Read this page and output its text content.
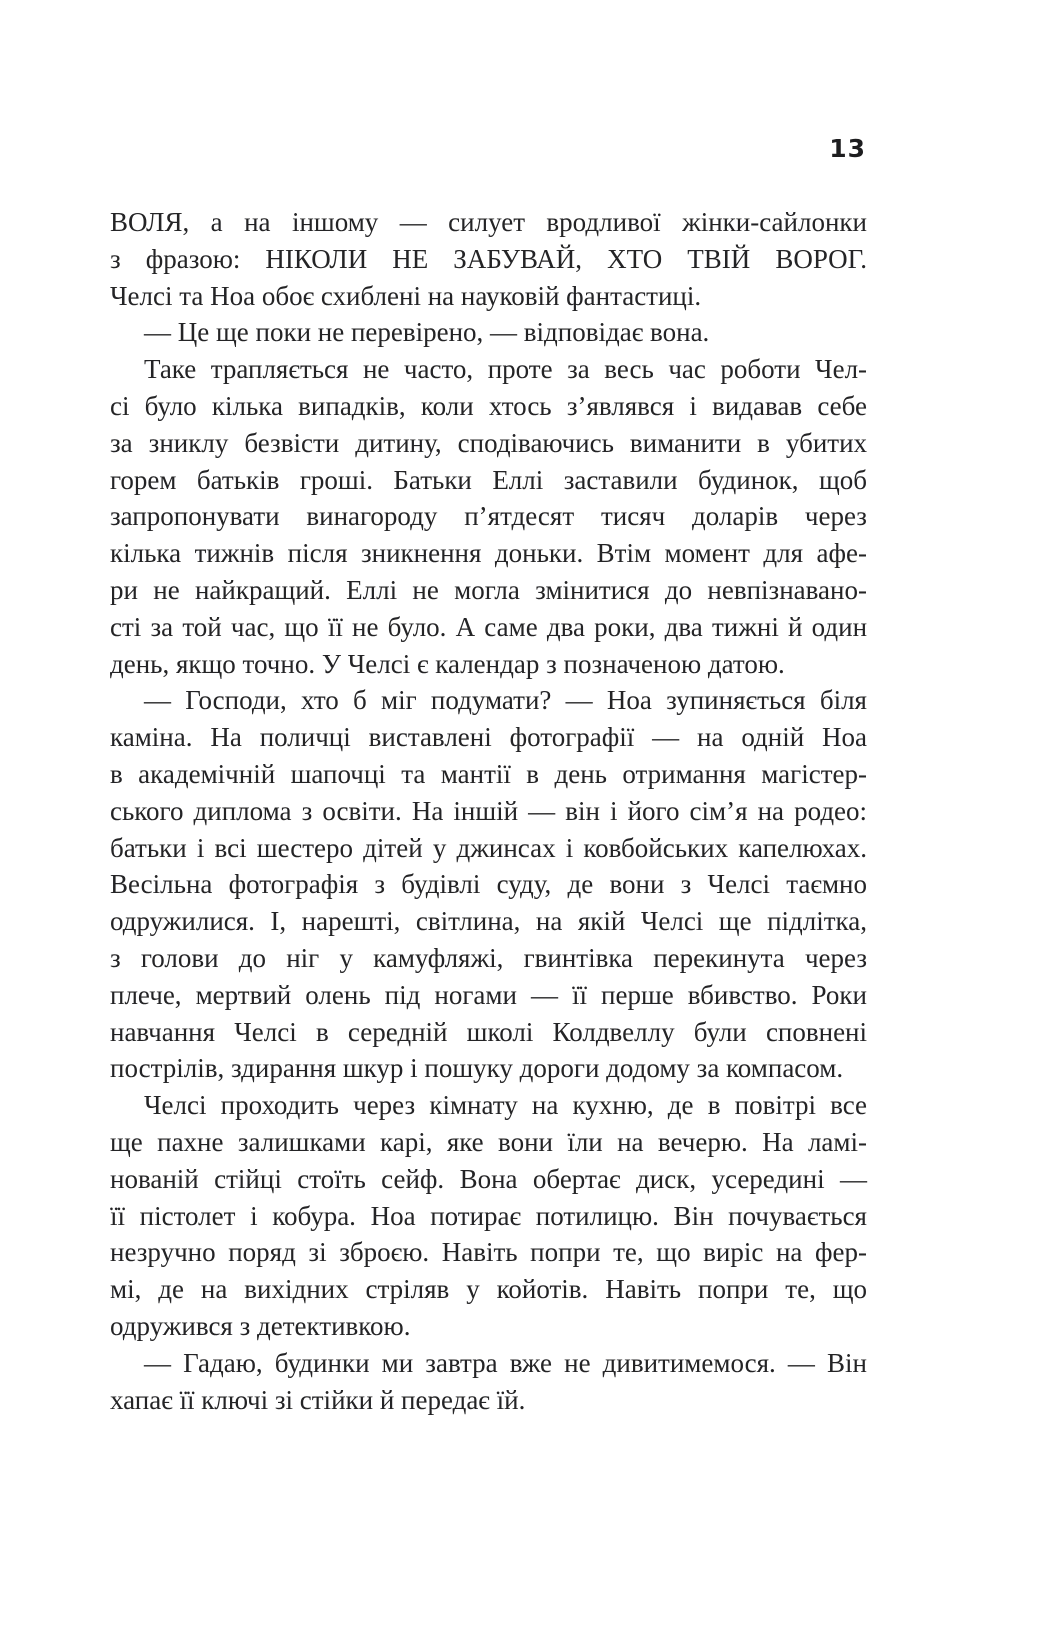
13
ВОЛЯ, а на іншому — силует вродливої жінки-сайлонки
з фразою: НІКОЛИ НЕ ЗАБУВАЙ, ХТО ТВІЙ ВОРОГ.
Челсі та Ноа обоє схиблені на науковій фантастиці.
— Це ще поки не перевірено, — відповідає вона.
Таке трапляється не часто, проте за весь час роботи Чел-
сі було кілька випадків, коли хтось з’являвся і видавав себе
за зниклу безвісти дитину, сподіваючись виманити в убитих
горем батьків гроші. Батьки Еллі заставили будинок, щоб
запропонувати винагороду п’ятдесят тисяч доларів через
кілька тижнів після зникнення доньки. Втім момент для афе-
ри не найкращий. Еллі не могла змінитися до невпізнавано-
сті за той час, що її не було. А саме два роки, два тижні й один
день, якщо точно. У Челсі є календар з позначеною датою.
— Господи, хто б міг подумати? — Ноа зупиняється біля
каміна. На поличці виставлені фотографії — на одній Ноа
в академічній шапочці та мантії в день отримання магістер-
ського диплома з освіти. На іншій — він і його сім’я на родео:
батьки і всі шестеро дітей у джинсах і ковбойських капелюхах.
Весільна фотографія з будівлі суду, де вони з Челсі таємно
одружилися. І, нарешті, світлина, на якій Челсі ще підлітка,
з голови до ніг у камуфляжі, гвинтівка перекинута через
плече, мертвий олень під ногами — її перше вбивство. Роки
навчання Челсі в середній школі Колдвеллу були сповнені
пострілів, здирання шкур і пошуку дороги додому за компасом.
Челсі проходить через кімнату на кухню, де в повітрі все
ще пахне залишками карі, яке вони їли на вечерю. На ламі-
нованій стійці стоїть сейф. Вона обертає диск, усередині —
її пістолет і кобура. Ноа потирає потилицю. Він почувається
незручно поряд зі зброєю. Навіть попри те, що виріс на фер-
мі, де на вихідних стріляв у койотів. Навіть попри те, що
одружився з детективкою.
— Гадаю, будинки ми завтра вже не дивитимемося. — Він
хапає її ключі зі стійки й передає їй.
